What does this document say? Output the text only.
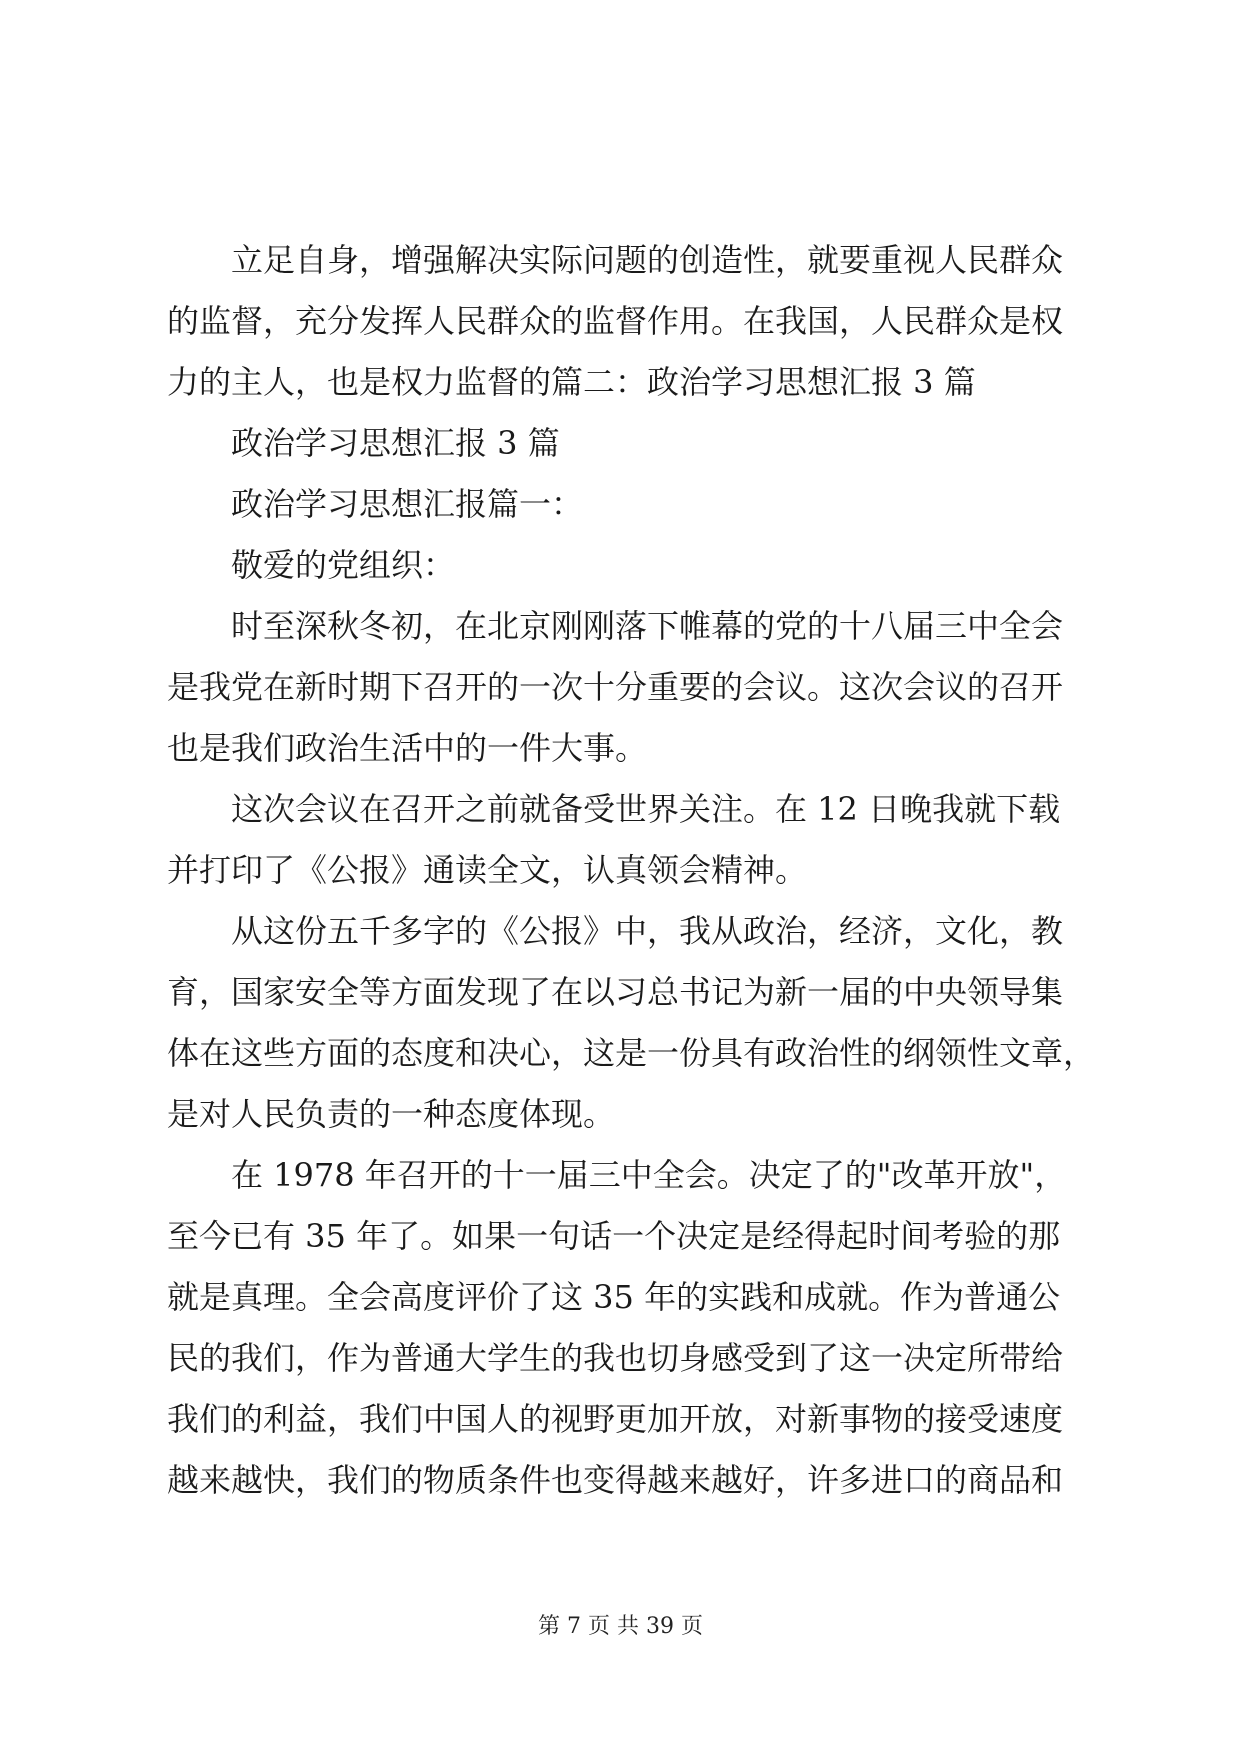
立足自身，增强解决实际问题的创造性，就要重视人民群众
的监督，充分发挥人民群众的监督作用。在我国，人民群众是权
力的主人，也是权力监督的篇二：政治学习思想汇报 3 篇
政治学习思想汇报 3 篇
政治学习思想汇报篇一：
敬爱的党组织：
时至深秋冬初，在北京刚刚落下帷幕的党的十八届三中全会
是我党在新时期下召开的一次十分重要的会议。这次会议的召开
也是我们政治生活中的一件大事。
这次会议在召开之前就备受世界关注。在 12 日晚我就下载
并打印了《公报》通读全文，认真领会精神。
从这份五千多字的《公报》中，我从政治，经济，文化，教
育，国家安全等方面发现了在以习总书记为新一届的中央领导集
体在这些方面的态度和决心，这是一份具有政治性的纲领性文章，
是对人民负责的一种态度体现。
在 1978 年召开的十一届三中全会。决定了的"改革开放"，
至今已有 35 年了。如果一句话一个决定是经得起时间考验的那
就是真理。全会高度评价了这 35 年的实践和成就。作为普通公
民的我们，作为普通大学生的我也切身感受到了这一决定所带给
我们的利益，我们中国人的视野更加开放，对新事物的接受速度
越来越快，我们的物质条件也变得越来越好，许多进口的商品和
第 7 页 共 39 页
